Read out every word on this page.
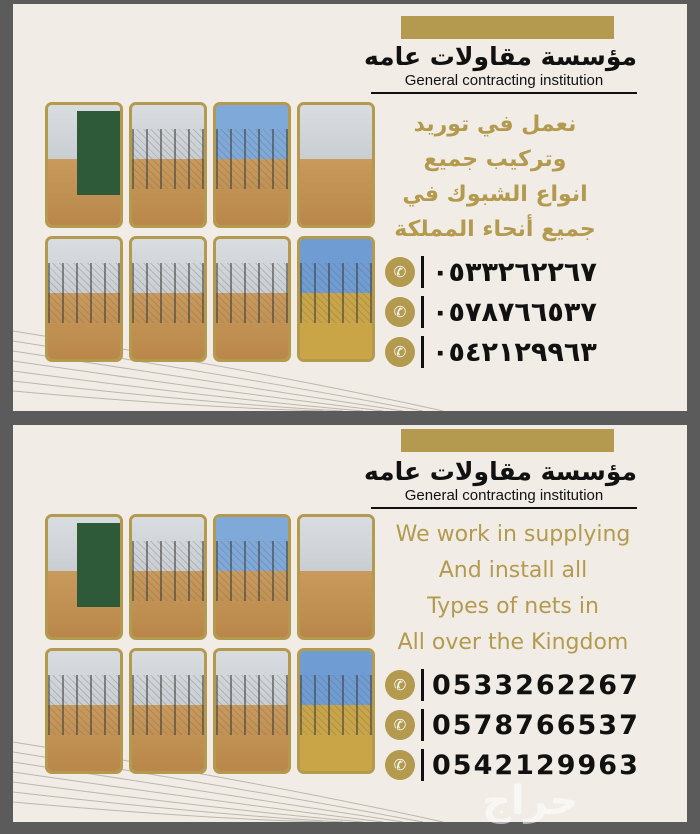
مؤسسة مقاولات عامه
General contracting institution
نعمل في توريد
وتركيب جميع
انواع الشبوك في
جميع أنحاء المملكة
✆ ٠٥٣٣٢٦٢٢٦٧
✆ ٠٥٧٨٧٦٦٥٣٧
✆ ٠٥٤٢١٢٩٩٦٣
مؤسسة مقاولات عامه
General contracting institution
We work in supplying
And install all
Types of nets in
All over the Kingdom
✆ 0533262267
✆ 0578766537
✆ 0542129963
حراج
